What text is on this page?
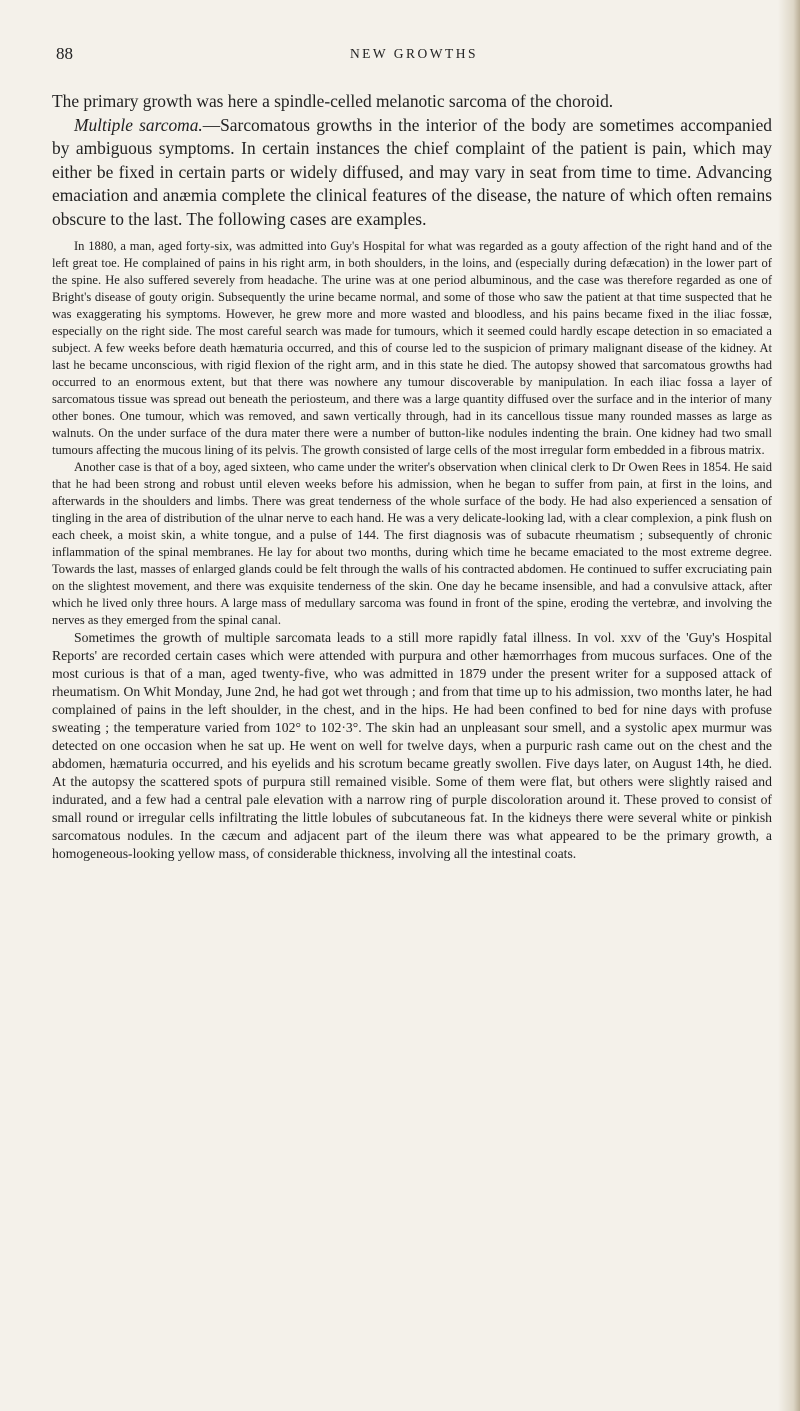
88	NEW GROWTHS

The primary growth was here a spindle-celled melanotic sarcoma of the choroid.

Multiple sarcoma.—Sarcomatous growths in the interior of the body are sometimes accompanied by ambiguous symptoms. In certain instances the chief complaint of the patient is pain, which may either be fixed in certain parts or widely diffused, and may vary in seat from time to time. Advancing emaciation and anæmia complete the clinical features of the disease, the nature of which often remains obscure to the last. The following cases are examples.

In 1880, a man, aged forty-six, was admitted into Guy's Hospital for what was regarded as a gouty affection of the right hand and of the left great toe. He complained of pains in his right arm, in both shoulders, in the loins, and (especially during defæcation) in the lower part of the spine. He also suffered severely from headache. The urine was at one period albuminous, and the case was therefore regarded as one of Bright's disease of gouty origin. Subsequently the urine became normal, and some of those who saw the patient at that time suspected that he was exaggerating his symptoms. However, he grew more and more wasted and bloodless, and his pains became fixed in the iliac fossæ, especially on the right side. The most careful search was made for tumours, which it seemed could hardly escape detection in so emaciated a subject. A few weeks before death hæmaturia occurred, and this of course led to the suspicion of primary malignant disease of the kidney. At last he became unconscious, with rigid flexion of the right arm, and in this state he died. The autopsy showed that sarcomatous growths had occurred to an enormous extent, but that there was nowhere any tumour discoverable by manipulation. In each iliac fossa a layer of sarcomatous tissue was spread out beneath the periosteum, and there was a large quantity diffused over the surface and in the interior of many other bones. One tumour, which was removed, and sawn vertically through, had in its cancellous tissue many rounded masses as large as walnuts. On the under surface of the dura mater there were a number of button-like nodules indenting the brain. One kidney had two small tumours affecting the mucous lining of its pelvis. The growth consisted of large cells of the most irregular form embedded in a fibrous matrix.

Another case is that of a boy, aged sixteen, who came under the writer's observation when clinical clerk to Dr Owen Rees in 1854. He said that he had been strong and robust until eleven weeks before his admission, when he began to suffer from pain, at first in the loins, and afterwards in the shoulders and limbs. There was great tenderness of the whole surface of the body. He had also experienced a sensation of tingling in the area of distribution of the ulnar nerve to each hand. He was a very delicate-looking lad, with a clear complexion, a pink flush on each cheek, a moist skin, a white tongue, and a pulse of 144. The first diagnosis was of subacute rheumatism ; subsequently of chronic inflammation of the spinal membranes. He lay for about two months, during which time he became emaciated to the most extreme degree. Towards the last, masses of enlarged glands could be felt through the walls of his contracted abdomen. He continued to suffer excruciating pain on the slightest movement, and there was exquisite tenderness of the skin. One day he became insensible, and had a convulsive attack, after which he lived only three hours. A large mass of medullary sarcoma was found in front of the spine, eroding the vertebræ, and involving the nerves as they emerged from the spinal canal.

Sometimes the growth of multiple sarcomata leads to a still more rapidly fatal illness. In vol. xxv of the 'Guy's Hospital Reports' are recorded certain cases which were attended with purpura and other hæmorrhages from mucous surfaces. One of the most curious is that of a man, aged twenty-five, who was admitted in 1879 under the present writer for a supposed attack of rheumatism. On Whit Monday, June 2nd, he had got wet through ; and from that time up to his admission, two months later, he had complained of pains in the left shoulder, in the chest, and in the hips. He had been confined to bed for nine days with profuse sweating ; the temperature varied from 102° to 102·3°. The skin had an unpleasant sour smell, and a systolic apex murmur was detected on one occasion when he sat up. He went on well for twelve days, when a purpuric rash came out on the chest and the abdomen, hæmaturia occurred, and his eyelids and his scrotum became greatly swollen. Five days later, on August 14th, he died. At the autopsy the scattered spots of purpura still remained visible. Some of them were flat, but others were slightly raised and indurated, and a few had a central pale elevation with a narrow ring of purple discoloration around it. These proved to consist of small round or irregular cells infiltrating the little lobules of subcutaneous fat. In the kidneys there were several white or pinkish sarcomatous nodules. In the cæcum and adjacent part of the ileum there was what appeared to be the primary growth, a homogeneous-looking yellow mass, of considerable thickness, involving all the intestinal coats.
